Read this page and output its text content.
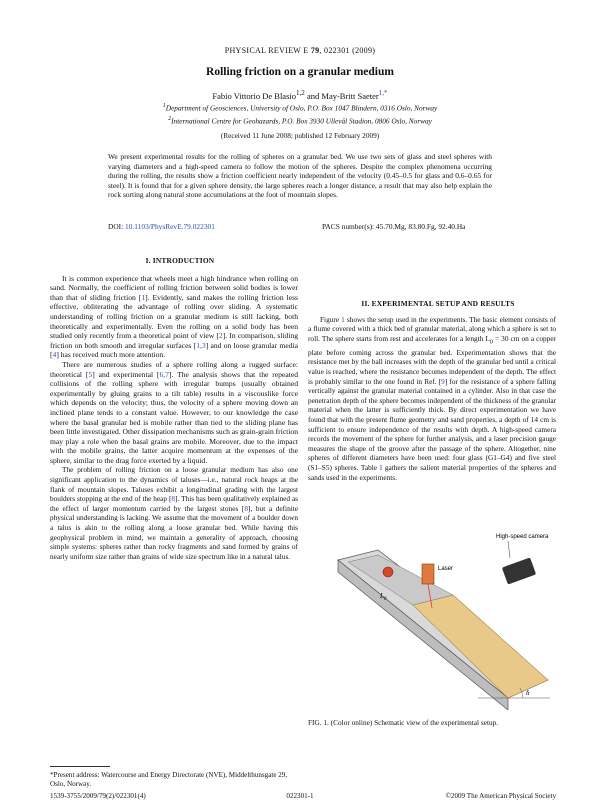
PHYSICAL REVIEW E 79, 022301 (2009)
Rolling friction on a granular medium
Fabio Vittorio De Blasio$^{1,2}$ and May-Britt Saeter$^{1,*}$
$^1$Department of Geosciences, University of Oslo, P.O. Box 1047 Blindern, 0316 Oslo, Norway
$^2$International Centre for Geohazards, P.O. Box 3930 Ullevål Stadion, 0806 Oslo, Norway
(Received 11 June 2008; published 12 February 2009)

We present experimental results for the rolling of spheres on a granular bed. We use two sets of glass and steel spheres with varying diameters and a high-speed camera to follow the motion of the spheres. Despite the complex phenomena occurring during the rolling, the results show a friction coefficient nearly independent of the velocity (0.45–0.5 for glass and 0.6–0.65 for steel). It is found that for a given sphere density, the large spheres reach a longer distance, a result that may also help explain the rock sorting along natural stone accumulations at the foot of mountain slopes.

DOI: 10.1103/PhysRevE.79.022301	PACS number(s): 45.70.Mg, 83.80.Fg, 92.40.Ha

I. INTRODUCTION

It is common experience that wheels meet a high hindrance when rolling on sand. Normally, the coefficient of rolling friction between solid bodies is lower than that of sliding friction [1]. Evidently, sand makes the rolling friction less effective, obliterating the advantage of rolling over sliding. A systematic understanding of rolling friction on a granular medium is still lacking, both theoretically and experimentally. Even the rolling on a solid body has been studied only recently from a theoretical point of view [2]. In comparison, sliding friction on both smooth and irregular surfaces [1,3] and on loose granular media [4] has received much more attention.

There are numerous studies of a sphere rolling along a rugged surface: theoretical [5] and experimental [6,7]. The analysis shows that the repeated collisions of the rolling sphere with irregular bumps (usually obtained experimentally by gluing grains to a tilt table) results in a viscouslike force which depends on the velocity; thus, the velocity of a sphere moving down an inclined plane tends to a constant value. However, to our knowledge the case where the basal granular bed is mobile rather than tied to the sliding plane has been little investigated. Other dissipation mechanisms such as grain-grain friction may play a role when the basal grains are mobile. Moreover, due to the impact with the mobile grains, the latter acquire momentum at the expenses of the sphere, similar to the drag force exerted by a liquid.

The problem of rolling friction on a loose granular medium has also one significant application to the dynamics of taluses—i.e., natural rock heaps at the flank of mountain slopes. Taluses exhibit a longitudinal grading with the largest boulders stopping at the end of the heap [8]. This has been qualitatively explained as the effect of larger momentum carried by the largest stones [8], but a definite physical understanding is lacking. We assume that the movement of a boulder down a talus is akin to the rolling along a loose granular bed. While having this geophysical problem in mind, we maintain a generality of approach, choosing simple systems: spheres rather than rocky fragments and sand formed by grains of nearly uniform size rather than grains of wide size spectrum like in a natural talus.

II. EXPERIMENTAL SETUP AND RESULTS

Figure 1 shows the setup used in the experiments. The basic element consists of a flume covered with a thick bed of granular material, along which a sphere is set to roll. The sphere starts from rest and accelerates for a length $L_0 = 30$ cm on a copper plate before coming across the granular bed. Experimentation shows that the resistance met by the ball increases with the depth of the granular bed until a critical value is reached, where the resistance becomes independent of the depth. The effect is probably similar to the one found in Ref. [9] for the resistance of a sphere falling vertically against the granular material contained in a cylinder. Also in that case the penetration depth of the sphere becomes independent of the thickness of the granular material when the latter is sufficiently thick. By direct experimentation we have found that with the present flume geometry and sand properties, a depth of 14 cm is sufficient to ensure independence of the results with depth. A high-speed camera records the movement of the sphere for further analysis, and a laser precision gauge measures the shape of the groove after the passage of the sphere. Altogether, nine spheres of different diameters have been used: four glass (G1–G4) and five steel (S1–S5) spheres. Table I gathers the salient material properties of the spheres and sands used in the experiments.

High-speed camera
Laser
$L_0$
δ
FIG. 1. (Color online) Schematic view of the experimental setup.
*Present address: Watercourse and Energy Directorate (NVE), Middelthunsgate 29, Oslo, Norway.
1539-3755/2009/79(2)/022301(4)	022301-1	©2009 The American Physical Society
